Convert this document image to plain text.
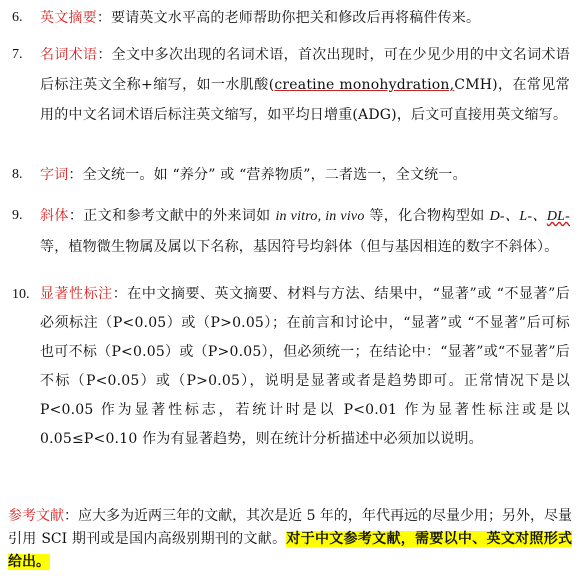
6. 英文摘要：要请英文水平高的老师帮助你把关和修改后再将稿件传来。
7. 名词术语：全文中多次出现的名词术语，首次出现时，可在少见少用的中文名词术语后标注英文全称+缩写，如一水肌酸(creatine monohydration,CMH)，在常见常用的中文名词术语后标注英文缩写，如平均日增重(ADG)，后文可直接用英文缩写。
8. 字词：全文统一。如 “养分” 或 “营养物质”，二者选一，全文统一。
9. 斜体：正文和参考文献中的外来词如 in vitro, in vivo 等，化合物构型如 D-、L-、DL-等，植物微生物属及属以下名称，基因符号均斜体（但与基因相连的数字不斜体）。
10. 显著性标注：在中文摘要、英文摘要、材料与方法、结果中，“显著”或 “不显著”后必须标注（P<0.05）或（P>0.05）；在前言和讨论中，“显著”或 “不显著”后可标也可不标（P<0.05）或（P>0.05），但必须统一；在结论中：“显著”或“不显著”后不标（P<0.05）或（P>0.05），说明是显著或者是趋势即可。正常情况下是以 P<0.05 作为显著性标志，若统计时是以 P<0.01 作为显著性标注或是以 0.05≤P<0.10 作为有显著趋势，则在统计分析描述中必须加以说明。
参考文献：应大多为近两三年的文献，其次是近 5 年的，年代再远的尽量少用；另外，尽量引用 SCI 期刊或是国内高级别期刊的文献。对于中文参考文献，需要以中、英文对照形式给出。
